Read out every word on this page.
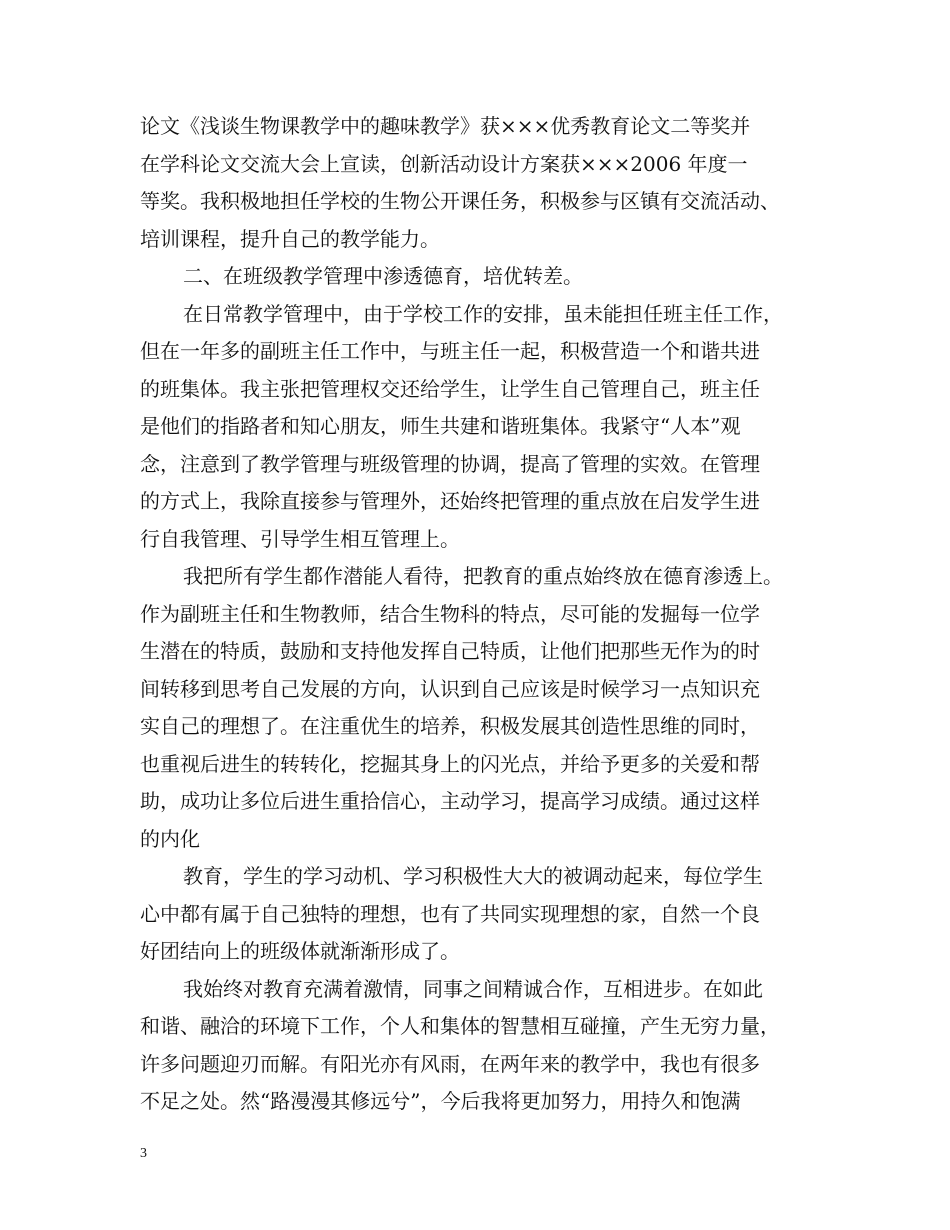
论文《浅谈生物课教学中的趣味教学》获×××优秀教育论文二等奖并
在学科论文交流大会上宣读，创新活动设计方案获×××2006 年度一
等奖。我积极地担任学校的生物公开课任务，积极参与区镇有交流活动、
培训课程，提升自己的教学能力。
二、在班级教学管理中渗透德育，培优转差。
在日常教学管理中，由于学校工作的安排，虽未能担任班主任工作，
但在一年多的副班主任工作中，与班主任一起，积极营造一个和谐共进
的班集体。我主张把管理权交还给学生，让学生自己管理自己，班主任
是他们的指路者和知心朋友，师生共建和谐班集体。我紧守“人本”观
念，注意到了教学管理与班级管理的协调，提高了管理的实效。在管理
的方式上，我除直接参与管理外，还始终把管理的重点放在启发学生进
行自我管理、引导学生相互管理上。
我把所有学生都作潜能人看待，把教育的重点始终放在德育渗透上。
作为副班主任和生物教师，结合生物科的特点，尽可能的发掘每一位学
生潜在的特质，鼓励和支持他发挥自己特质，让他们把那些无作为的时
间转移到思考自己发展的方向，认识到自己应该是时候学习一点知识充
实自己的理想了。在注重优生的培养，积极发展其创造性思维的同时，
也重视后进生的转转化，挖掘其身上的闪光点，并给予更多的关爱和帮
助，成功让多位后进生重拾信心，主动学习，提高学习成绩。通过这样
的内化
教育，学生的学习动机、学习积极性大大的被调动起来，每位学生
心中都有属于自己独特的理想，也有了共同实现理想的家，自然一个良
好团结向上的班级体就渐渐形成了。
我始终对教育充满着激情，同事之间精诚合作，互相进步。在如此
和谐、融洽的环境下工作，个人和集体的智慧相互碰撞，产生无穷力量，
许多问题迎刃而解。有阳光亦有风雨，在两年来的教学中，我也有很多
不足之处。然“路漫漫其修远兮”，今后我将更加努力，用持久和饱满
3
